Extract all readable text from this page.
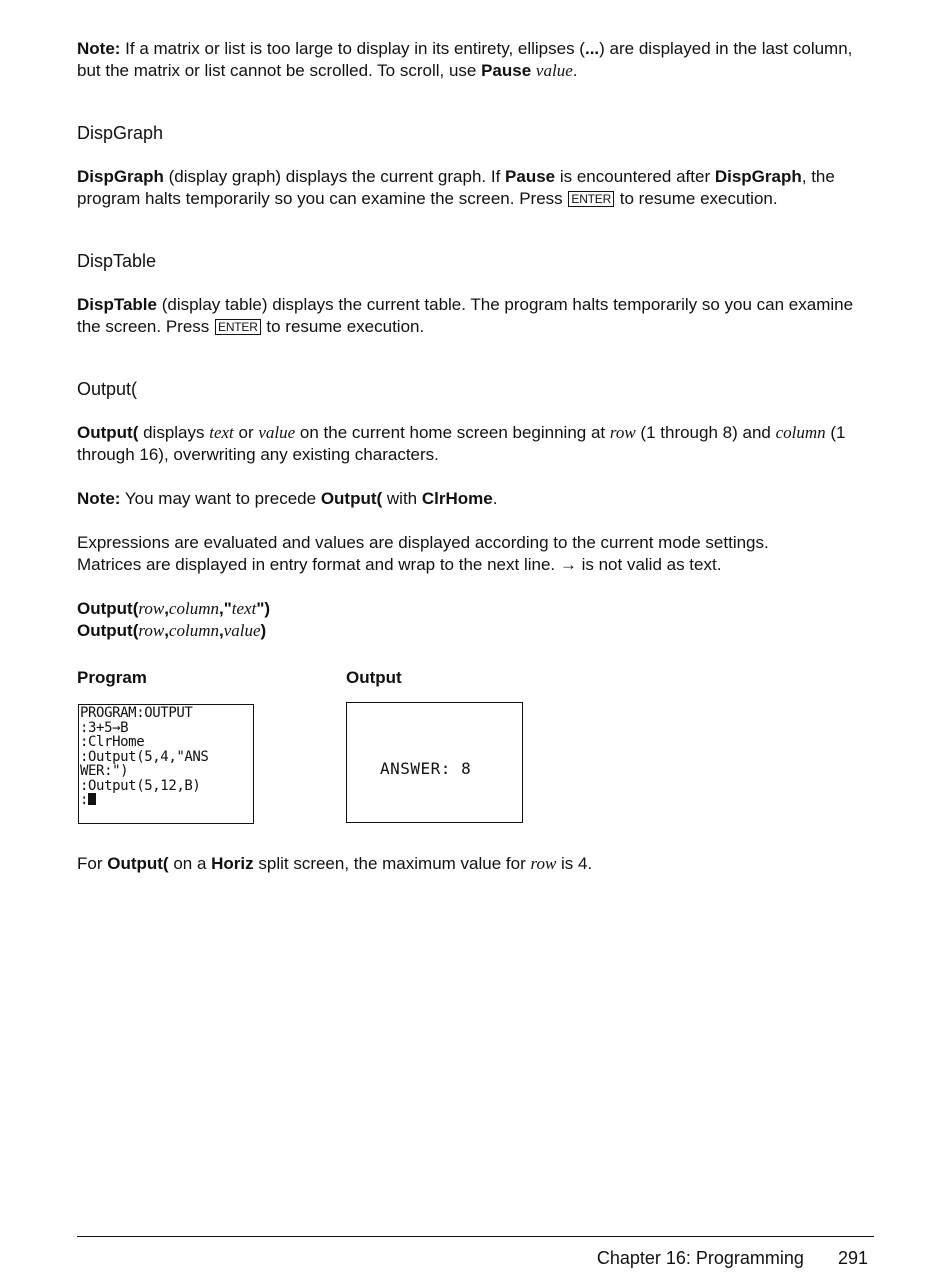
Note: If a matrix or list is too large to display in its entirety, ellipses (...) are displayed in the last column, but the matrix or list cannot be scrolled. To scroll, use Pause value.

DispGraph

DispGraph (display graph) displays the current graph. If Pause is encountered after DispGraph, the program halts temporarily so you can examine the screen. Press ENTER to resume execution.

DispTable

DispTable (display table) displays the current table. The program halts temporarily so you can examine the screen. Press ENTER to resume execution.

Output(

Output( displays text or value on the current home screen beginning at row (1 through 8) and column (1 through 16), overwriting any existing characters.

Note: You may want to precede Output( with ClrHome.

Expressions are evaluated and values are displayed according to the current mode settings.
Matrices are displayed in entry format and wrap to the next line. → is not valid as text.

Output(row,column,"text")

Output(row,column,value)

Program	Output
PROGRAM:OUTPUT
:3+5→B
:ClrHome
:Output(5,4,"ANS
WER:")
:Output(5,12,B)
:
ANSWER: 8

For Output( on a Horiz split screen, the maximum value for row is 4.

Chapter 16: Programming 291
